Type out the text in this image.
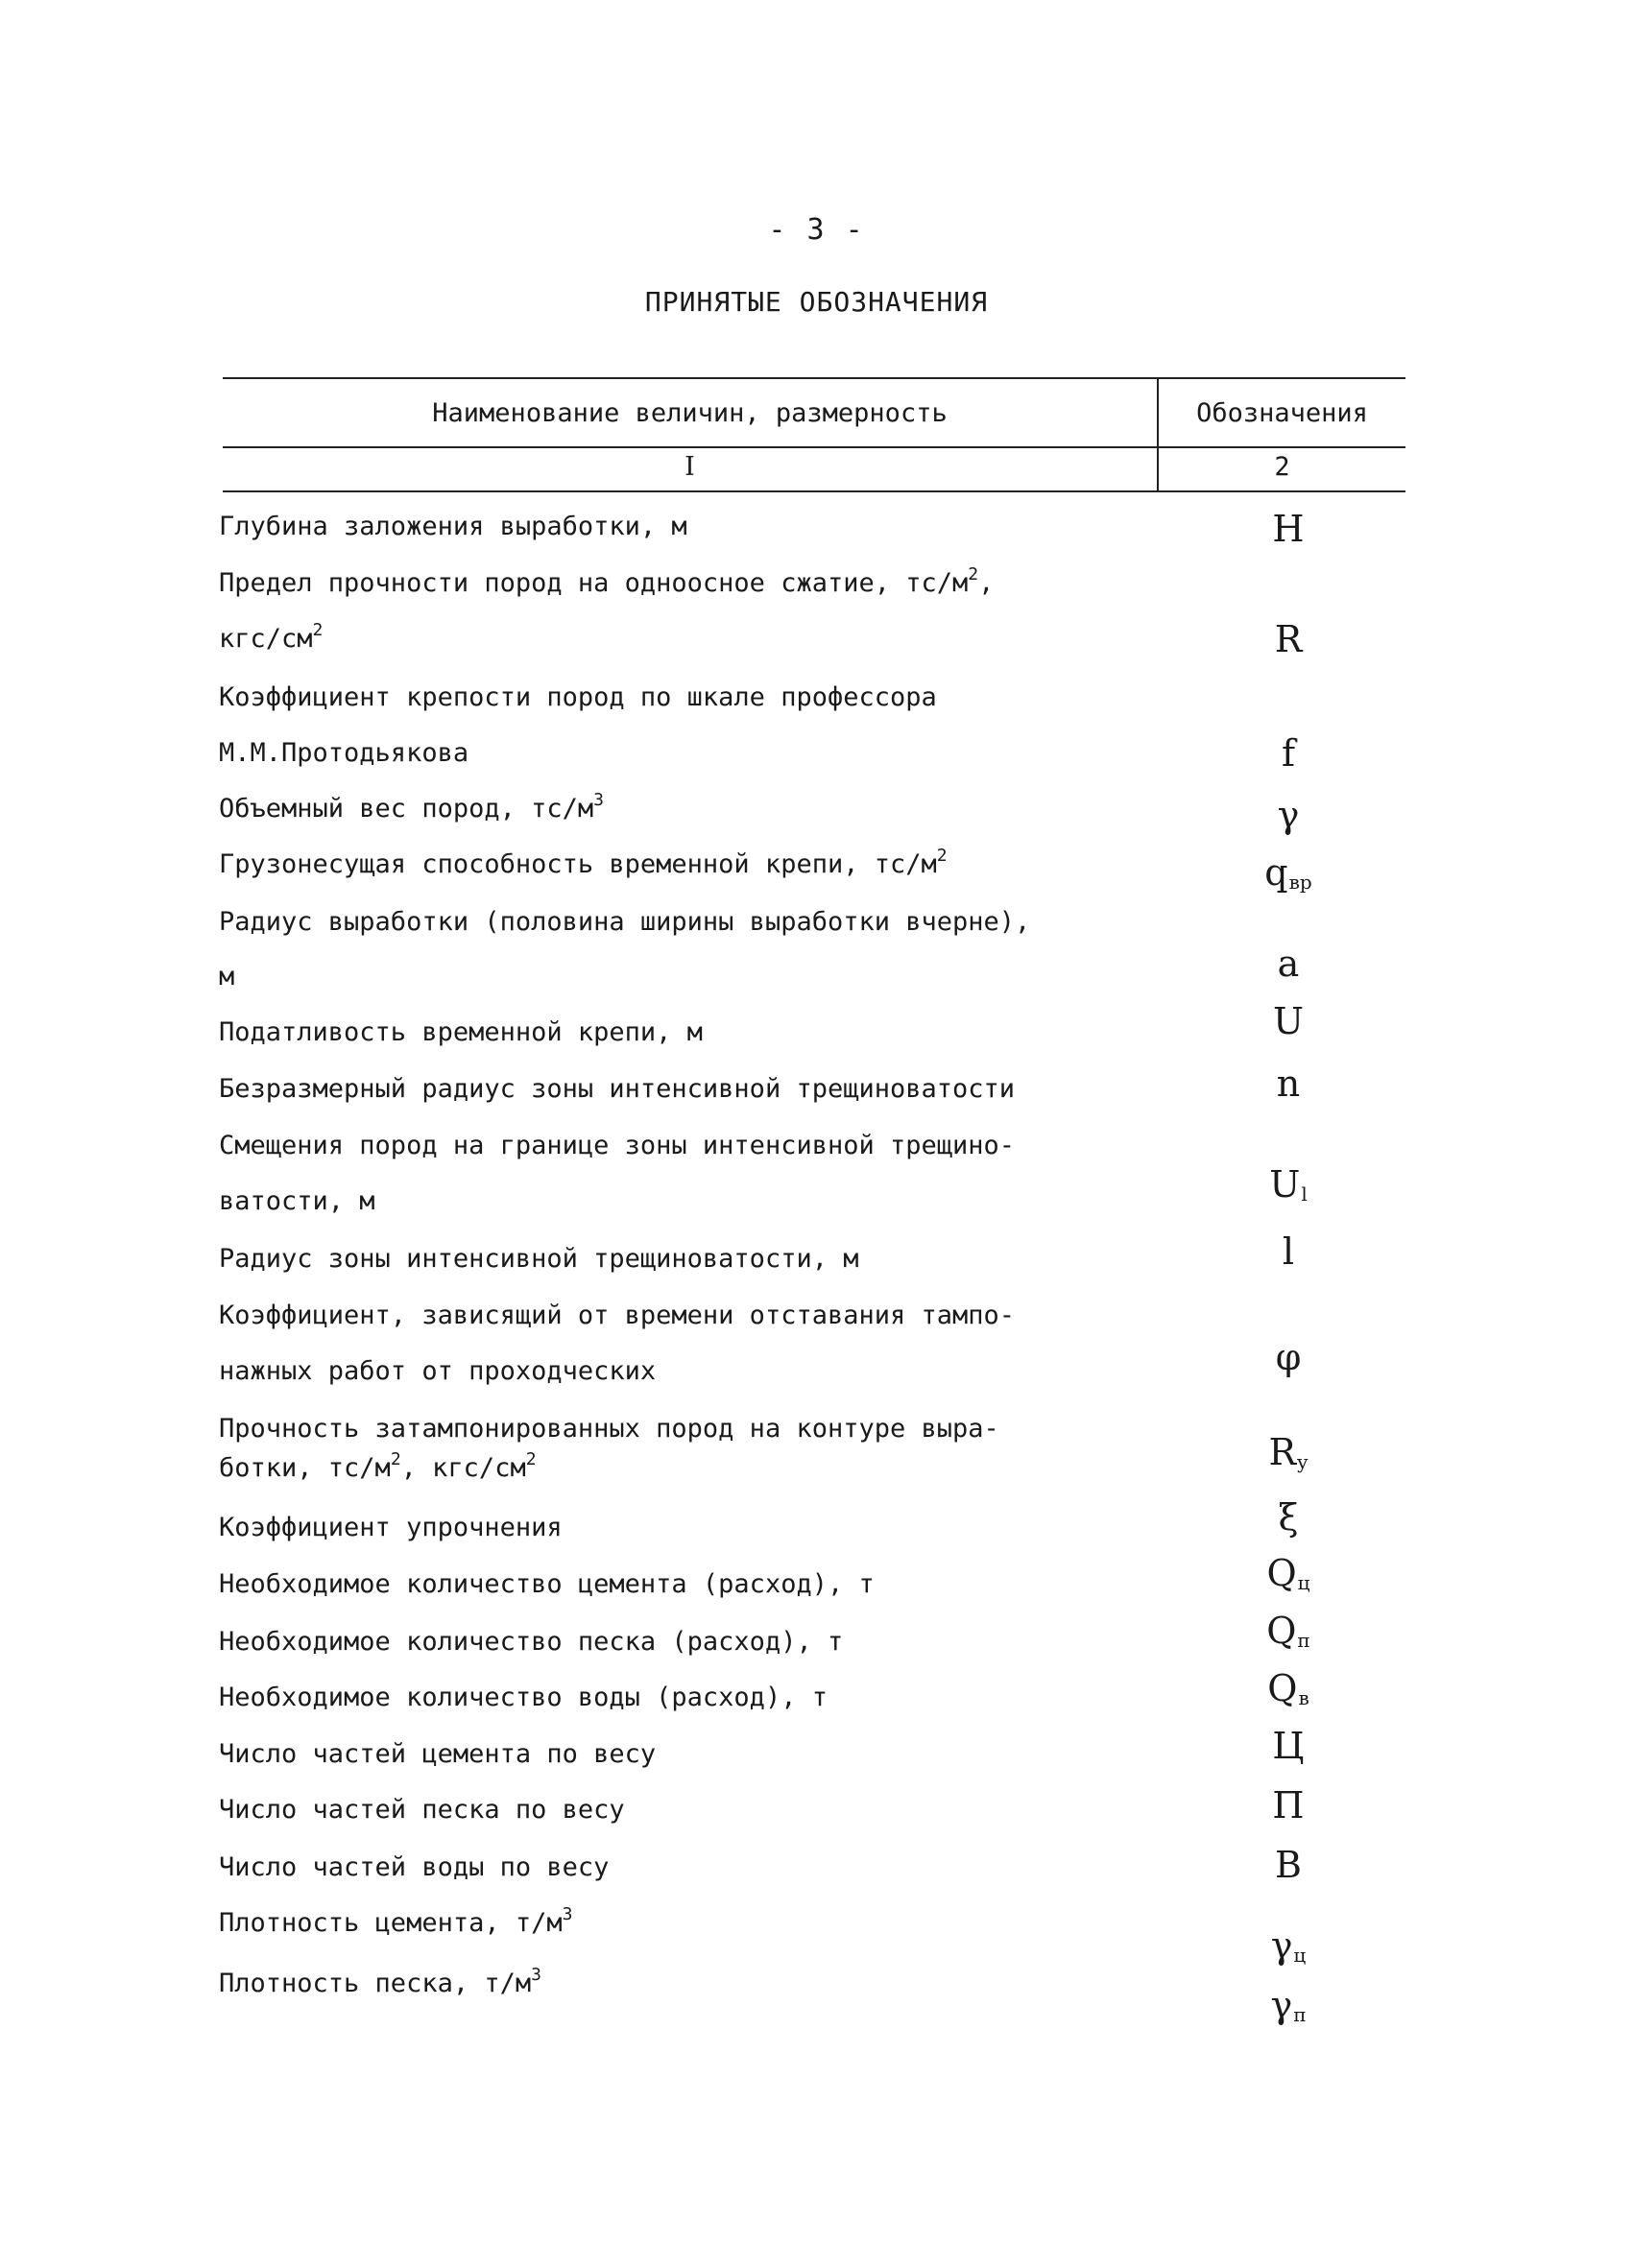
- 3 -
ПРИНЯТЫЕ ОБОЗНАЧЕНИЯ
Наименование величин, размерность	Обозначения
I	2
Глубина заложения выработки, м
Предел прочности пород на одноосное сжатие, $тс/м^2$,
кгс/$см^2$
Коэффициент крепости пород по шкале профессора
М.М.Протодьякова
Объемный вес пород, $тс/м^3$
Грузонесущая способность временной крепи, $тс/м^2$
Радиус выработки (половина ширины выработки вчерне),
м
Податливость временной крепи, м
Безразмерный радиус зоны интенсивной трещиноватости
Смещения пород на границе зоны интенсивной трещино-
ватости, м
Радиус зоны интенсивной трещиноватости, м
Коэффициент, зависящий от времени отставания тампо-
нажных работ от проходческих
Прочность затампонированных пород на контуре выра-
ботки, $тс/м^2$, кгс/$см^2$
Коэффициент упрочнения
Необходимое количество цемента (расход), т
Необходимое количество песка (расход), т
Необходимое количество воды (расход), т
Число частей цемента по весу
Число частей песка по весу
Число частей воды по весу
Плотность цемента, $т/м^3$
Плотность песка, $т/м^3$
H
R
f
γ
$q_{вр}$
a
U
n
$U_l$
l
φ
$R_y$
ξ
$Q_ц$
$Q_п$
$Q_в$
Ц
П
В
$\gamma_ц$
$\gamma_п$
